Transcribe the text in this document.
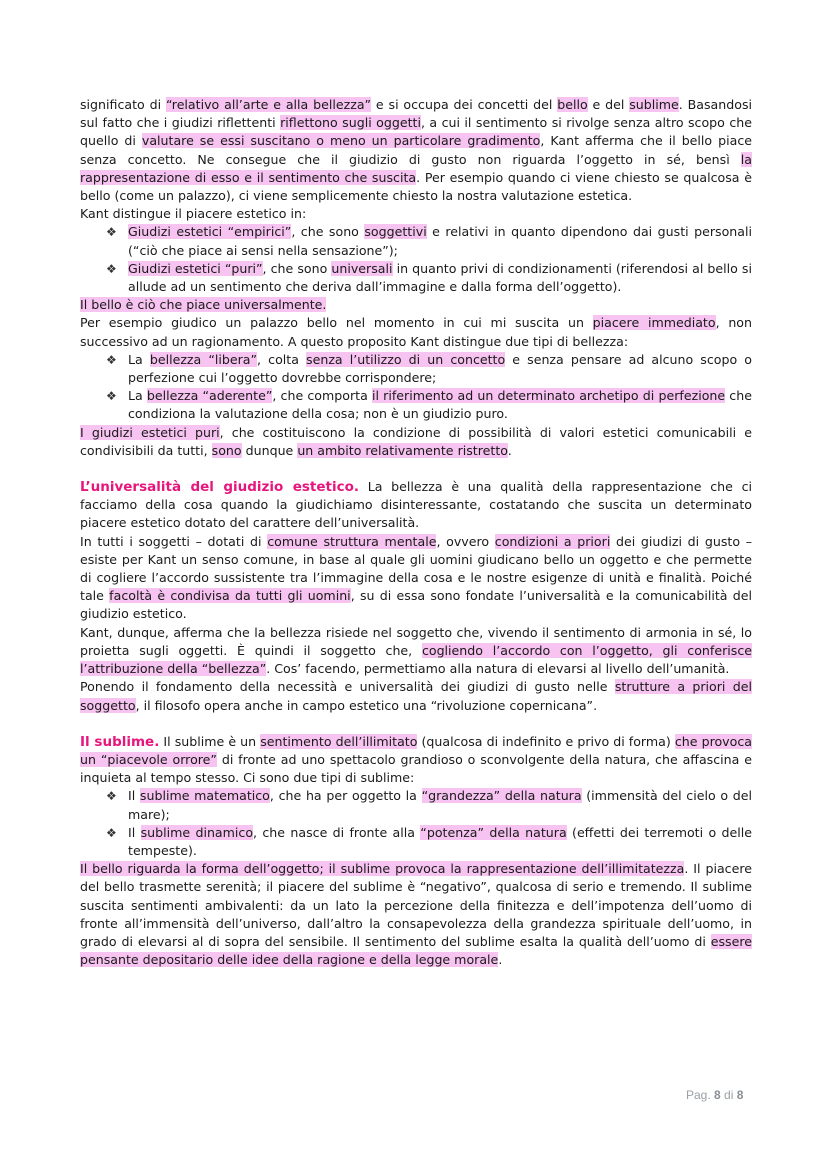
significato di “relativo all’arte e alla bellezza” e si occupa dei concetti del bello e del sublime. Basandosi sul fatto che i giudizi riflettenti riflettono sugli oggetti, a cui il sentimento si rivolge senza altro scopo che quello di valutare se essi suscitano o meno un particolare gradimento, Kant afferma che il bello piace senza concetto. Ne consegue che il giudizio di gusto non riguarda l’oggetto in sé, bensì la rappresentazione di esso e il sentimento che suscita. Per esempio quando ci viene chiesto se qualcosa è bello (come un palazzo), ci viene semplicemente chiesto la nostra valutazione estetica.

Kant distingue il piacere estetico in:

❖ Giudizi estetici “empirici”, che sono soggettivi e relativi in quanto dipendono dai gusti personali (“ciò che piace ai sensi nella sensazione”);
❖ Giudizi estetici “puri”, che sono universali in quanto privi di condizionamenti (riferendosi al bello si allude ad un sentimento che deriva dall’immagine e dalla forma dell’oggetto).

Il bello è ciò che piace universalmente.

Per esempio giudico un palazzo bello nel momento in cui mi suscita un piacere immediato, non successivo ad un ragionamento. A questo proposito Kant distingue due tipi di bellezza:

❖ La bellezza “libera”, colta senza l’utilizzo di un concetto e senza pensare ad alcuno scopo o perfezione cui l’oggetto dovrebbe corrispondere;
❖ La bellezza “aderente”, che comporta il riferimento ad un determinato archetipo di perfezione che condiziona la valutazione della cosa; non è un giudizio puro.

I giudizi estetici puri, che costituiscono la condizione di possibilità di valori estetici comunicabili e condivisibili da tutti, sono dunque un ambito relativamente ristretto.

L’universalità del giudizio estetico. La bellezza è una qualità della rappresentazione che ci facciamo della cosa quando la giudichiamo disinteressante, costatando che suscita un determinato piacere estetico dotato del carattere dell’universalità.

In tutti i soggetti – dotati di comune struttura mentale, ovvero condizioni a priori dei giudizi di gusto – esiste per Kant un senso comune, in base al quale gli uomini giudicano bello un oggetto e che permette di cogliere l’accordo sussistente tra l’immagine della cosa e le nostre esigenze di unità e finalità. Poiché tale facoltà è condivisa da tutti gli uomini, su di essa sono fondate l’universalità e la comunicabilità del giudizio estetico.

Kant, dunque, afferma che la bellezza risiede nel soggetto che, vivendo il sentimento di armonia in sé, lo proietta sugli oggetti. È quindi il soggetto che, cogliendo l’accordo con l’oggetto, gli conferisce l’attribuzione della “bellezza”. Cos’ facendo, permettiamo alla natura di elevarsi al livello dell’umanità.

Ponendo il fondamento della necessità e universalità dei giudizi di gusto nelle strutture a priori del soggetto, il filosofo opera anche in campo estetico una “rivoluzione copernicana”.

Il sublime. Il sublime è un sentimento dell’illimitato (qualcosa di indefinito e privo di forma) che provoca un “piacevole orrore” di fronte ad uno spettacolo grandioso o sconvolgente della natura, che affascina e inquieta al tempo stesso. Ci sono due tipi di sublime:

❖ Il sublime matematico, che ha per oggetto la “grandezza” della natura (immensità del cielo o del mare);
❖ Il sublime dinamico, che nasce di fronte alla “potenza” della natura (effetti dei terremoti o delle tempeste).

Il bello riguarda la forma dell’oggetto; il sublime provoca la rappresentazione dell’illimitatezza. Il piacere del bello trasmette serenità; il piacere del sublime è “negativo”, qualcosa di serio e tremendo. Il sublime suscita sentimenti ambivalenti: da un lato la percezione della finitezza e dell’impotenza dell’uomo di fronte all’immensità dell’universo, dall’altro la consapevolezza della grandezza spirituale dell’uomo, in grado di elevarsi al di sopra del sensibile. Il sentimento del sublime esalta la qualità dell’uomo di essere pensante depositario delle idee della ragione e della legge morale.

Pag. 8 di 8
